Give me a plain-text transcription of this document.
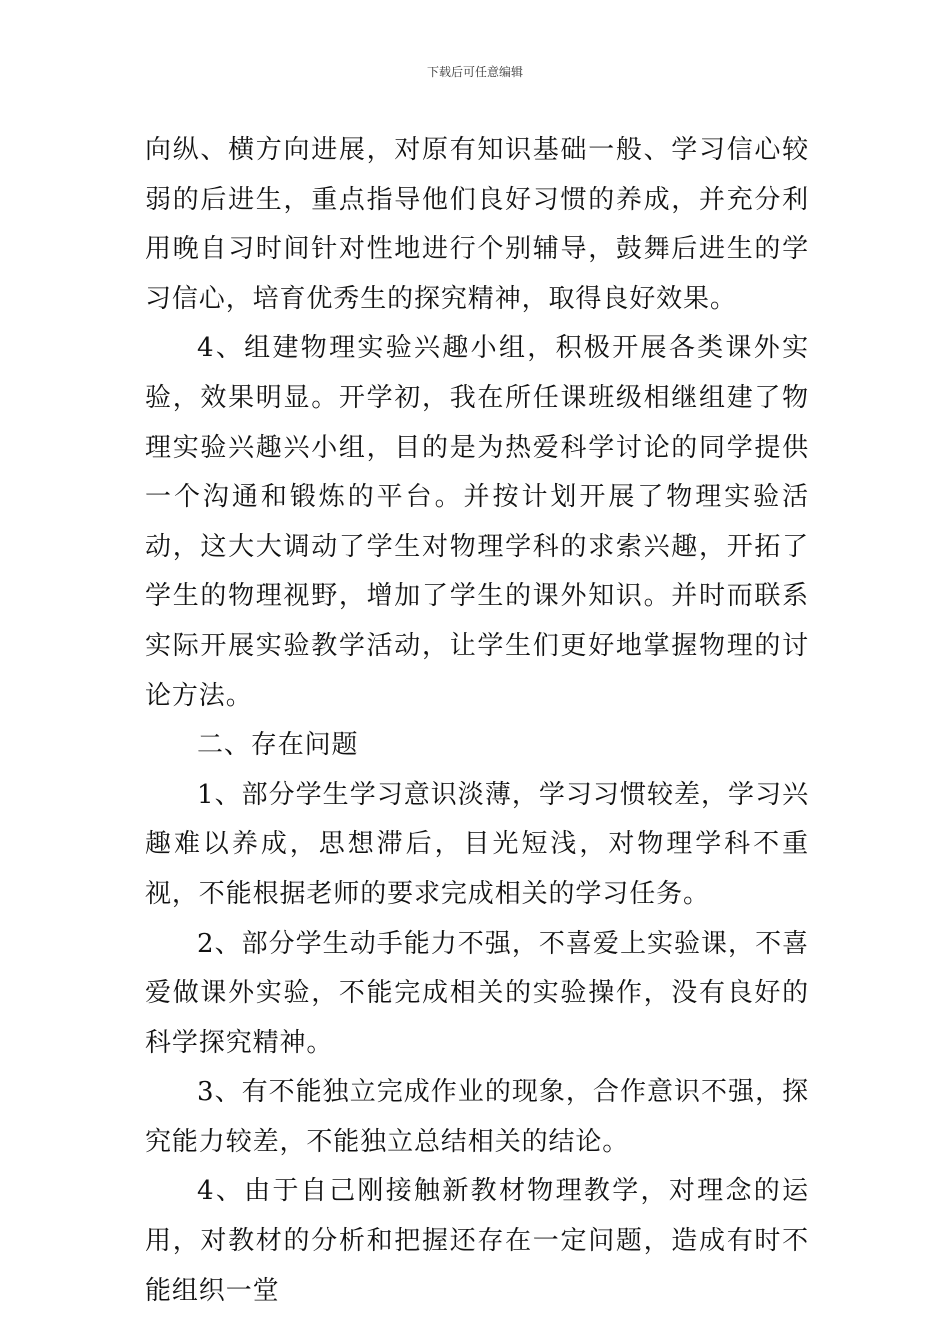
下载后可任意编辑

向纵、横方向进展，对原有知识基础一般、学习信心较弱的后进生，重点指导他们良好习惯的养成，并充分利用晚自习时间针对性地进行个别辅导，鼓舞后进生的学习信心，培育优秀生的探究精神，取得良好效果。

4、组建物理实验兴趣小组，积极开展各类课外实验，效果明显。开学初，我在所任课班级相继组建了物理实验兴趣兴小组，目的是为热爱科学讨论的同学提供一个沟通和锻炼的平台。并按计划开展了物理实验活动，这大大调动了学生对物理学科的求索兴趣，开拓了学生的物理视野，增加了学生的课外知识。并时而联系实际开展实验教学活动，让学生们更好地掌握物理的讨论方法。

二、存在问题

1、部分学生学习意识淡薄，学习习惯较差，学习兴趣难以养成，思想滞后，目光短浅，对物理学科不重视，不能根据老师的要求完成相关的学习任务。

2、部分学生动手能力不强，不喜爱上实验课，不喜爱做课外实验，不能完成相关的实验操作，没有良好的科学探究精神。

3、有不能独立完成作业的现象，合作意识不强，探究能力较差，不能独立总结相关的结论。

4、由于自己刚接触新教材物理教学，对理念的运用，对教材的分析和把握还存在一定问题，造成有时不能组织一堂
